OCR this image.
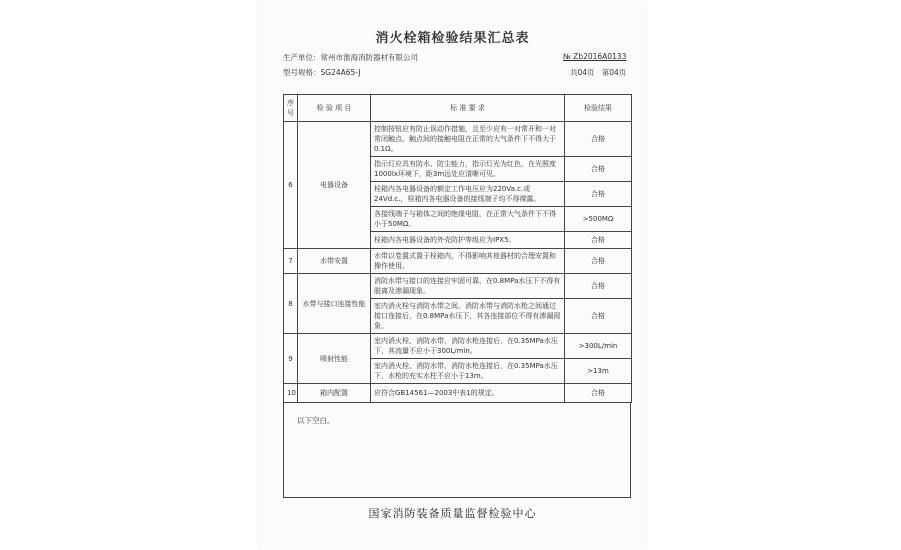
消火栓箱检验结果汇总表
生产单位：常州市淮海消防器材有限公司	№ Zb2016A0133
型号规格：SG24A65-J	共04页 第04页
序号	检 验 项 目	标 准 要 求	检验结果
6	电器设备	控制按钮应有防止误动作措施，且至少应有一对常开和一对常闭触点。触点间的接触电阻在正常的大气条件下不得大于0.1Ω。	合格
		指示灯应具有防水、防尘能力，指示灯光为红色，在光照度1000lx环境下，距3m远处应清晰可见。	合格
		栓箱内各电器设备的额定工作电压应为220Va.c.或24Vd.c.，栓箱内各电器设备的接线端子均不得裸露。	合格
		各接线端子与箱体之间的绝缘电阻，在正常大气条件下不得小于50MΩ。	>500MΩ
		栓箱内各电器设备的外壳防护等级应为IPX5。	合格
7	水带安置	水带以卷置式置于栓箱内，不得影响其他器材的合理安置和操作使用。	合格
8	水带与接口连接性能	消防水带与接口的连接应牢固可靠，在0.8MPa水压下不得有脱离及渗漏现象。	合格
		室内消火栓与消防水带之间、消防水带与消防水枪之间通过接口连接后，在0.8MPa水压下，其各连接部位不得有渗漏现象。	合格
9	喷射性能	室内消火栓、消防水带、消防水枪连接后，在0.35MPa水压下，其流量不应小于300L/min。	>300L/min
		室内消火栓、消防水带、消防水枪连接后，在0.35MPa水压下，水枪的充实水柱不应小于13m。	>13m
10	箱内配置	应符合GB14561—2003中表1的规定。	合格
以下空白。
国家消防装备质量监督检验中心
